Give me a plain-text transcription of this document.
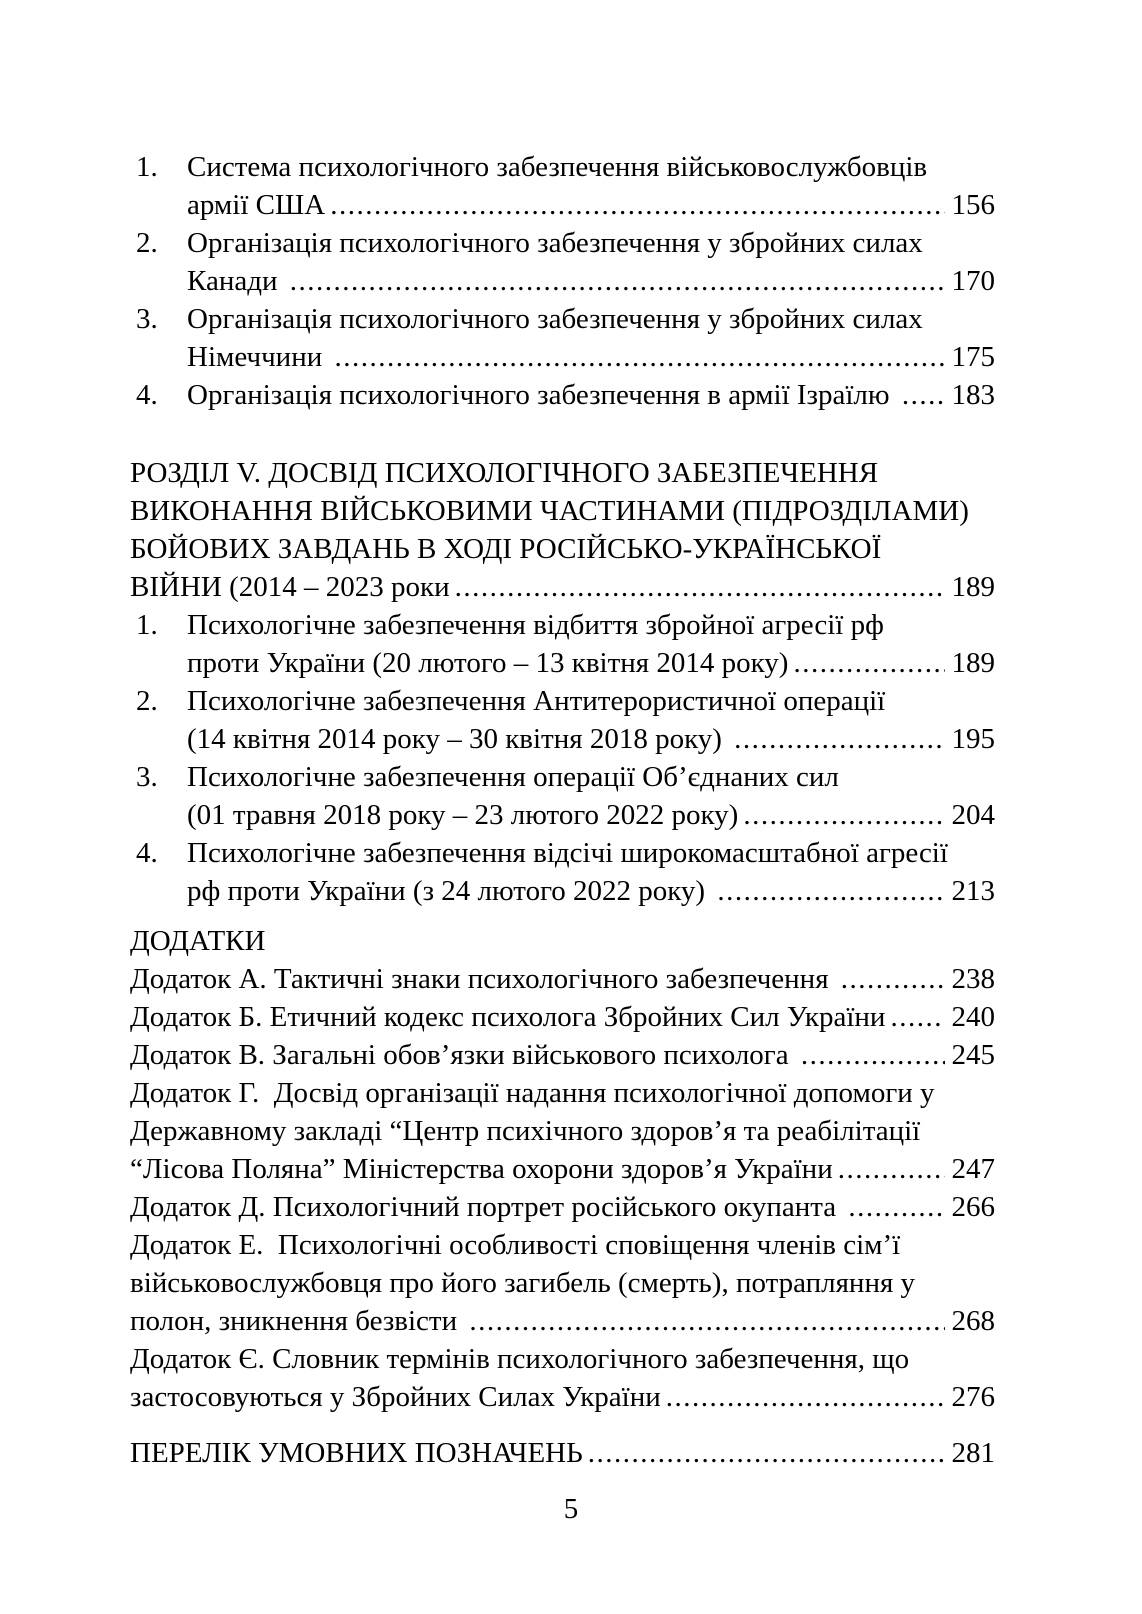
1.	Система психологічного забезпечення військовослужбовців
армії США .....	156
2.	Організація психологічного забезпечення у збройних силах
Канади .....	170
3.	Організація психологічного забезпечення у збройних силах
Німеччини .....	175
4.	Організація психологічного забезпечення в армії Ізраїлю ..... 183
РОЗДІЛ V. ДОСВІД ПСИХОЛОГІЧНОГО ЗАБЕЗПЕЧЕННЯ
ВИКОНАННЯ ВІЙСЬКОВИМИ ЧАСТИНАМИ (ПІДРОЗДІЛАМИ)
БОЙОВИХ ЗАВДАНЬ В ХОДІ РОСІЙСЬКО-УКРАЇНСЬКОЇ
ВІЙНИ (2014 – 2023 роки .....	189
1.	Психологічне забезпечення відбиття збройної агресії рф
проти України (20 лютого – 13 квітня 2014 року) .....	189
2.	Психологічне забезпечення Антитерористичної операції
(14 квітня 2014 року – 30 квітня 2018 року) .....	195
3.	Психологічне забезпечення операції Об’єднаних сил
(01 травня 2018 року – 23 лютого 2022 року) .....	204
4.	Психологічне забезпечення відсічі широкомасштабної агресії
рф проти України (з 24 лютого 2022 року) .....	213
ДОДАТКИ
Додаток А. Тактичні знаки психологічного забезпечення .....	238
Додаток Б. Етичний кодекс психолога Збройних Сил України ..... 240
Додаток В. Загальні обов’язки військового психолога .....	245
Додаток Г.  Досвід організації надання психологічної допомоги у
Державному закладі “Центр психічного здоров’я та реабілітації
“Лісова Поляна” Міністерства охорони здоров’я України .....	247
Додаток Д. Психологічний портрет російського окупанта .....	266
Додаток Е.  Психологічні особливості сповіщення членів сім’ї
військовослужбовця про його загибель (смерть), потрапляння у
полон, зникнення безвісти .....	268
Додаток Є. Словник термінів психологічного забезпечення, що
застосовуються у Збройних Силах України .....	276
ПЕРЕЛІК УМОВНИХ ПОЗНАЧЕНЬ .....	281
5
